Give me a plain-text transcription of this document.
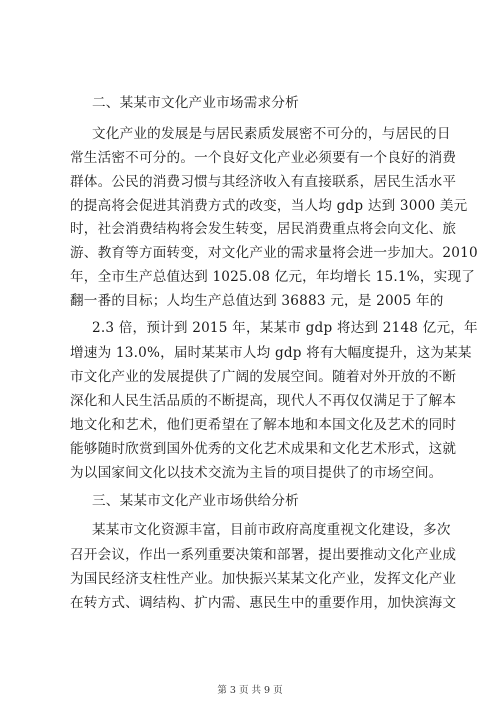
二、某某市文化产业市场需求分析
文化产业的发展是与居民素质发展密不可分的，与居民的日
常生活密不可分的。一个良好文化产业必须要有一个良好的消费
群体。公民的消费习惯与其经济收入有直接联系，居民生活水平
的提高将会促进其消费方式的改变，当人均 gdp 达到 3000 美元
时，社会消费结构将会发生转变，居民消费重点将会向文化、旅
游、教育等方面转变，对文化产业的需求量将会进一步加大。2010
年，全市生产总值达到 1025.08 亿元，年均增长 15.1%，实现了
翻一番的目标；人均生产总值达到 36883 元，是 2005 年的
2.3 倍，预计到 2015 年，某某市 gdp 将达到 2148 亿元，年
增速为 13.0%，届时某某市人均 gdp 将有大幅度提升，这为某某
市文化产业的发展提供了广阔的发展空间。随着对外开放的不断
深化和人民生活品质的不断提高，现代人不再仅仅满足于了解本
地文化和艺术，他们更希望在了解本地和本国文化及艺术的同时
能够随时欣赏到国外优秀的文化艺术成果和文化艺术形式，这就
为以国家间文化以技术交流为主旨的项目提供了的市场空间。
三、某某市文化产业市场供给分析
某某市文化资源丰富，目前市政府高度重视文化建设，多次
召开会议，作出一系列重要决策和部署，提出要推动文化产业成
为国民经济支柱性产业。加快振兴某某文化产业，发挥文化产业
在转方式、调结构、扩内需、惠民生中的重要作用，加快滨海文
第 3 页 共 9 页
